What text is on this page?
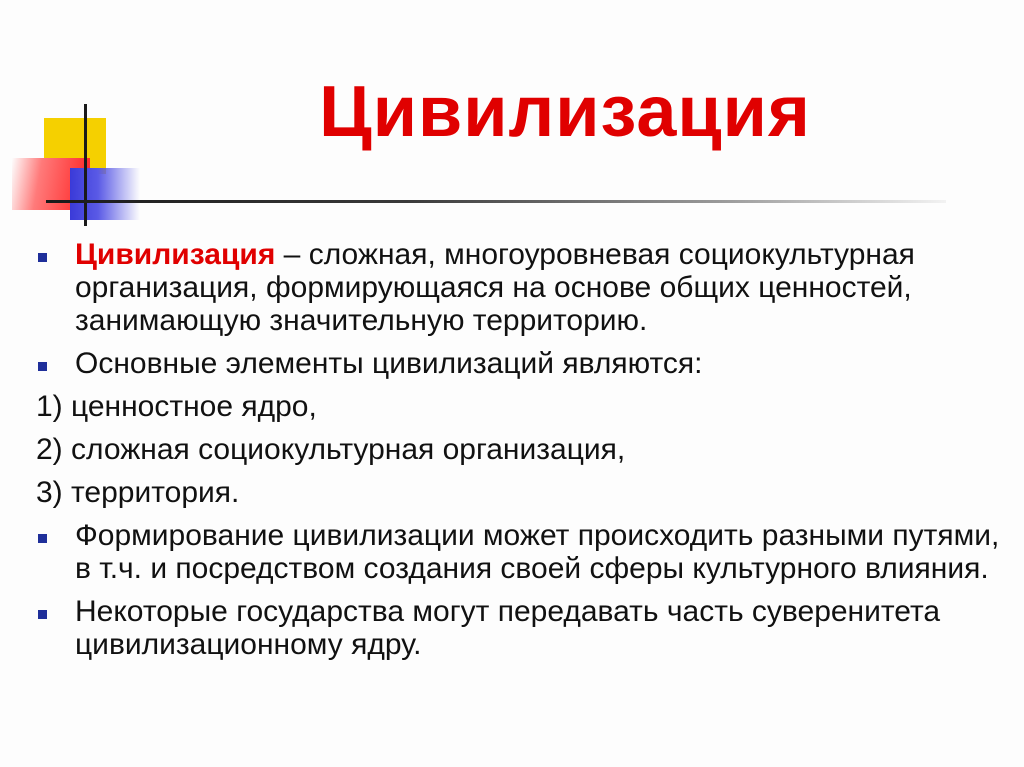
Цивилизация
Цивилизация – сложная, многоуровневая социокультурная организация, формирующаяся на основе общих ценностей, занимающую значительную территорию.
Основные элементы цивилизаций являются:
1) ценностное ядро,
2) сложная социокультурная организация,
3) территория.
Формирование цивилизации может происходить разными путями, в т.ч. и посредством создания своей сферы культурного влияния.
Некоторые государства могут передавать часть суверенитета цивилизационному ядру.
